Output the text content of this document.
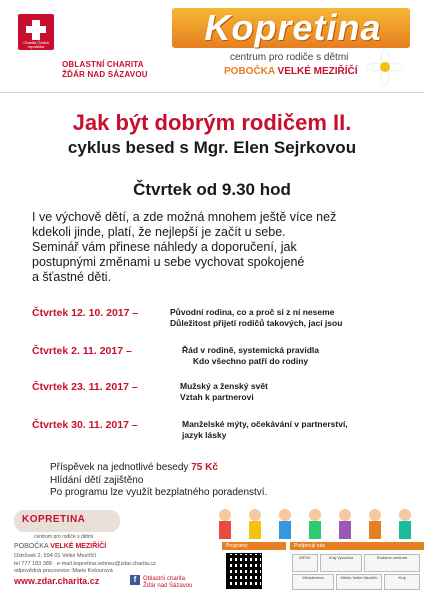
Charita Česká republika
OBLASTNÍ CHARITA
ŽĎÁR NAD SÁZAVOU
Kopretina
centrum pro rodiče s dětmi
POBOČKA VELKÉ MEZIŘÍČÍ
Jak být dobrým rodičem II.
cyklus besed s Mgr. Elen Sejrkovou
Čtvrtek od 9.30 hod

I ve výchově dětí, a zde možná mnohem ještě více než

kdekoli jinde, platí, že nejlepší je začít u sebe.

Seminář vám přinese náhledy a doporučení, jak

postupnými změnami u sebe vychovat spokojené

a šťastné děti.

Čtvrtek 12. 10. 2017 –	Původní rodina, co a proč si z ní neseme
Důležitost přijetí rodičů takových, jací jsou
Čtvrtek 2. 11. 2017 –	Řád v rodině, systemická pravidla
Kdo všechno patří do rodiny
Čtvrtek 23. 11. 2017 –	Mužský a ženský svět
Vztah k partnerovi
Čtvrtek 30. 11. 2017 –	Manželské mýty, očekávání v partnerství,
jazyk lásky
Příspěvek na jednotlivé besedy 75 Kč
Hlídání dětí zajištěno
Po programu lze využít bezplatného poradenství.
KOPRETINA
centrum pro rodiče s dětmi
POBOČKA VELKÉ MEZIŘÍČÍ
Ostrůvek 2, 594 01 Velké Meziříčí
tel 777 183 388 · e-mail kopretina.velmez@zdar.charita.cz
odpovědná pracovnice: Marie Kotourová
www.zdar.charita.cz	f	Oblastní charita
Žďár nad Sázavou
Programy	Podporují nás
MPSV	Kraj Vysočina	Rodinné centrum
Ministerstvo	Město Velké Meziříčí	Kraj
